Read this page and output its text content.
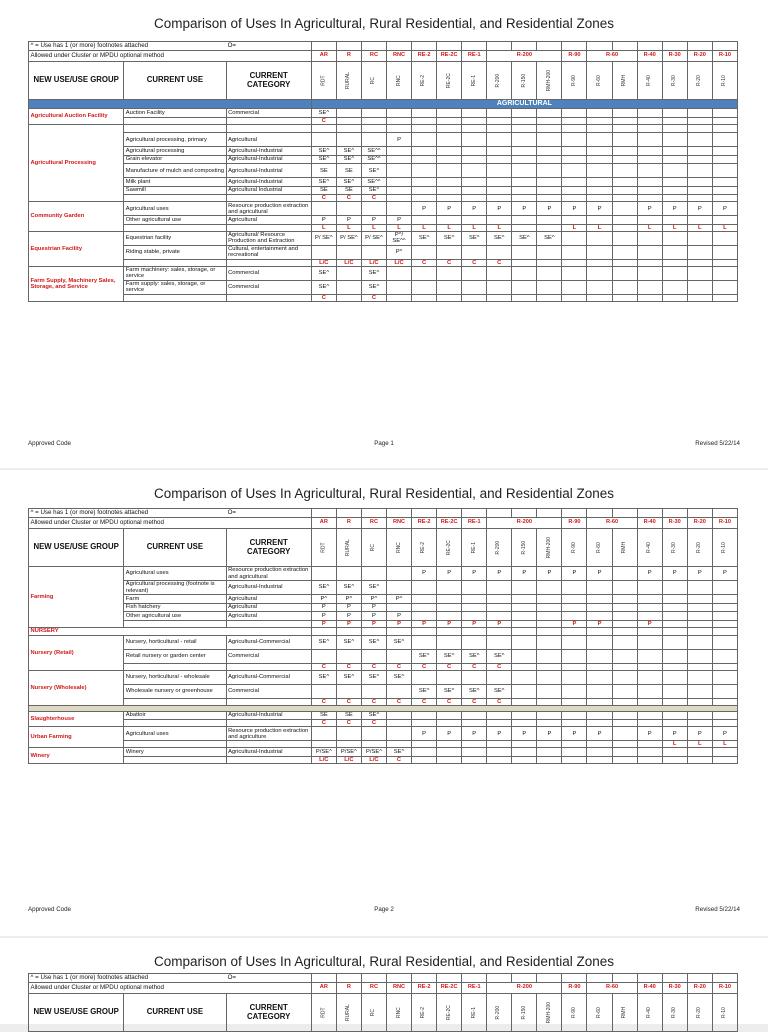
Comparison of Uses In Agricultural, Rural Residential, and Residential Zones
^ = Use has 1 (or more) footnotes attached		O=																	
Allowed under Cluster or MPDU optional method			AR	R	RC	RNC	RE-2	RE-2C	RE-1	R-200			R-90	R-60		R-40	R-30	R-20	R-10
NEW USE/USE GROUP	CURRENT USE	CURRENT CATEGORY	RDT	RURAL	RC	RNC	RE-2	RE-2C	RE-1	R-200	R-150	RMH-200	R-90	R-60	RMH	R-40	R-30	R-20	R-10
			AGRICULTURAL																
Agricultural Auction Facility	Auction Facility	Commercial	SE^																
			C																
Agricultural Processing																			
	Agricultural processing, primary	Agricultural				P													
	Agricultural processing	Agricultural-Industrial	SE^	SE^	SE^^														
	Grain elevator	Agricultural-Industrial	SE^	SE^	SE^^														
	Manufacture of mulch and composting	Agricultural-Industrial	SE	SE	SE^														
	Milk plant	Agricultural-Industrial	SE^	SE^	SE^^														
	Sawmill	Agricultural Industrial	SE	SE	SE^														
			C	C	C														
Community Garden	Agricultural uses	Resource production extraction and agricultural					P	P	P	P	P	P	P	P		P	P	P	P
	Other agricultural use	Agricultural	P	P	P	P													
			L	L	L	L	L	L	L	L			L	L		L	L	L	L
Equestrian Facility	Equestrian facility	Agricultural/ Resource Production and Extraction	P/ SE^	P/ SE^	P/ SE^	P^/ SE^^	SE^	SE^	SE^	SE^	SE^	SE^							
	Riding stable, private	Cultural, entertainment and recreational				P^													
			L/C	L/C	L/C	L/C	C	C	C	C									
Farm Supply, Machinery Sales, Storage, and Service	Farm machinery: sales, storage, or service	Commercial	SE^		SE^														
	Farm supply: sales, storage, or service	Commercial	SE^		SE^														
			C		C														
Approved Code	Page 1	Revised 5/22/14
Comparison of Uses In Agricultural, Rural Residential, and Residential Zones
^ = Use has 1 (or more) footnotes attached		O=																	
Allowed under Cluster or MPDU optional method			AR	R	RC	RNC	RE-2	RE-2C	RE-1	R-200			R-90	R-60		R-40	R-30	R-20	R-10
NEW USE/USE GROUP	CURRENT USE	CURRENT CATEGORY	RDT	RURAL	RC	RNC	RE-2	RE-2C	RE-1	R-200	R-150	RMH-200	R-90	R-60	RMH	R-40	R-30	R-20	R-10
Farming	Agricultural uses	Resource production extraction and agricultural					P	P	P	P	P	P	P	P		P	P	P	P
	Agricultural processing (footnote is relevant)	Agricultural-Industrial	SE^	SE^	SE^														
	Farm	Agricultural	P^	P^	P^	P^													
	Fish hatchery	Agricultural	P	P	P														
	Other agricultural use	Agricultural	P	P	P	P													
			P	P	P	P	P	P	P	P			P	P		P			
NURSERY																			
Nursery (Retail)	Nursery, horticultural - retail	Agricultural-Commercial	SE^	SE^	SE^	SE^													
	Retail nursery or garden center	Commercial					SE^	SE^	SE^	SE^									
			C	C	C	C	C	C	C	C									
Nursery (Wholesale)	Nursery, horticultural - wholesale	Agricultural-Commercial	SE^	SE^	SE^	SE^													
	Wholesale nursery or greenhouse	Commercial					SE^	SE^	SE^	SE^									
			C	C	C	C	C	C	C	C									

Slaughterhouse	Abattoir	Agricultural-Industrial	SE	SE	SE^														
			C	C	C														
Urban Farming	Agricultural uses	Resource production extraction and agriculture					P	P	P	P	P	P	P	P		P	P	P	P
																	L	L	L
Winery	Winery	Agricultural-Industrial	P/SE^	P/SE^	P/SE^	SE^													
			L/C	L/C	L/C	C													
Approved Code	Page 2	Revised 5/22/14
Comparison of Uses In Agricultural, Rural Residential, and Residential Zones
^ = Use has 1 (or more) footnotes attached		O=																	
Allowed under Cluster or MPDU optional method			AR	R	RC	RNC	RE-2	RE-2C	RE-1	R-200			R-90	R-60		R-40	R-30	R-20	R-10
NEW USE/USE GROUP	CURRENT USE	CURRENT CATEGORY	RDT	RURAL	RC	RNC	RE-2	RE-2C	RE-1	R-200	R-150	RMH-200	R-90	R-60	RMH	R-40	R-30	R-20	R-10
